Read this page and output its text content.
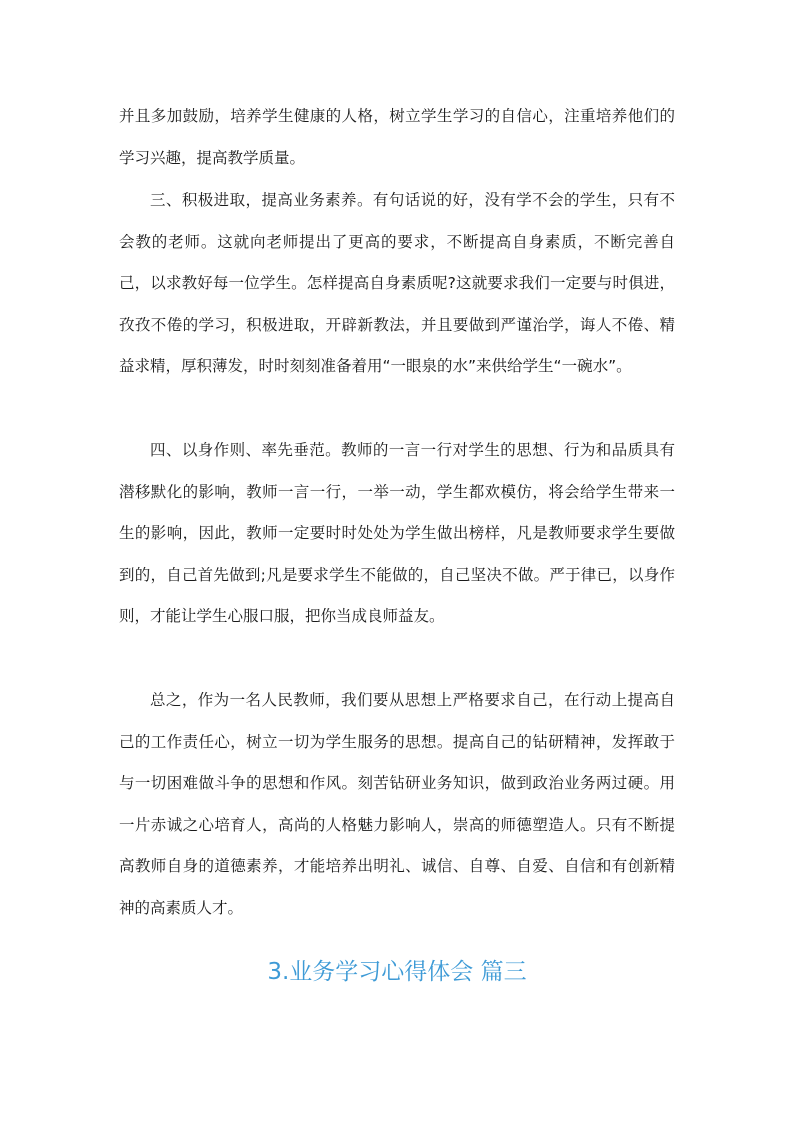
并且多加鼓励，培养学生健康的人格，树立学生学习的自信心，注重培养他们的学习兴趣，提高教学质量。

三、积极进取，提高业务素养。有句话说的好，没有学不会的学生，只有不会教的老师。这就向老师提出了更高的要求，不断提高自身素质，不断完善自己，以求教好每一位学生。怎样提高自身素质呢?这就要求我们一定要与时俱进，孜孜不倦的学习，积极进取，开辟新教法，并且要做到严谨治学，诲人不倦、精益求精，厚积薄发，时时刻刻准备着用“一眼泉的水”来供给学生“一碗水”。

四、以身作则、率先垂范。教师的一言一行对学生的思想、行为和品质具有潜移默化的影响，教师一言一行，一举一动，学生都欢模仿，将会给学生带来一生的影响，因此，教师一定要时时处处为学生做出榜样，凡是教师要求学生要做到的，自己首先做到;凡是要求学生不能做的，自己坚决不做。严于律已，以身作则，才能让学生心服口服，把你当成良师益友。

总之，作为一名人民教师，我们要从思想上严格要求自己，在行动上提高自己的工作责任心，树立一切为学生服务的思想。提高自己的钻研精神，发挥敢于与一切困难做斗争的思想和作风。刻苦钻研业务知识，做到政治业务两过硬。用一片赤诚之心培育人，高尚的人格魅力影响人，崇高的师德塑造人。只有不断提高教师自身的道德素养，才能培养出明礼、诚信、自尊、自爱、自信和有创新精神的高素质人才。

3.业务学习心得体会 篇三
